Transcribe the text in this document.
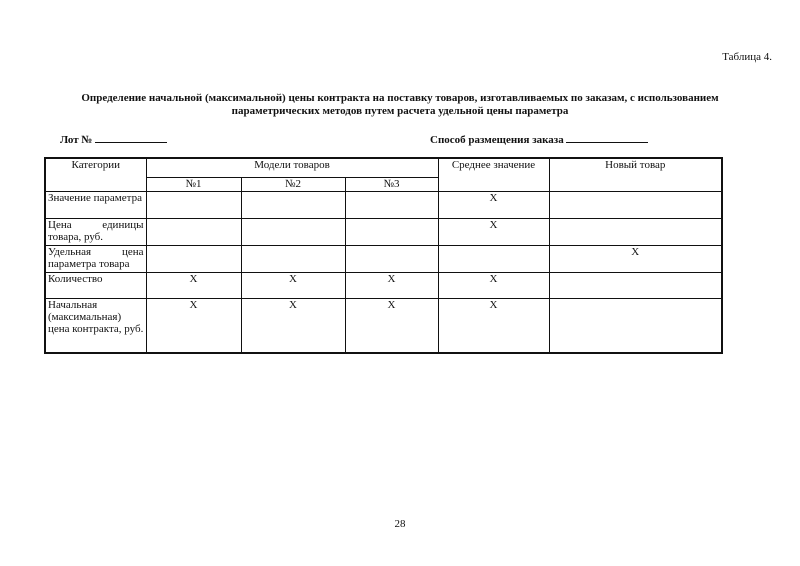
Таблица 4.
Определение начальной (максимальной) цены контракта на поставку товаров, изготавливаемых по заказам, с использованием
параметрических методов путем расчета удельной цены параметра
Лот №	Способ размещения заказа
Категории	Модели товаров			Среднее значение	Новый товар
	№1	№2	№3		
Значение параметра				X	
Цена единицы товара, руб.				X	
Удельная цена параметра товара					X
Количество	X	X	X	X	
Начальная (максимальная) цена контракта, руб.	X	X	X	X	
28
